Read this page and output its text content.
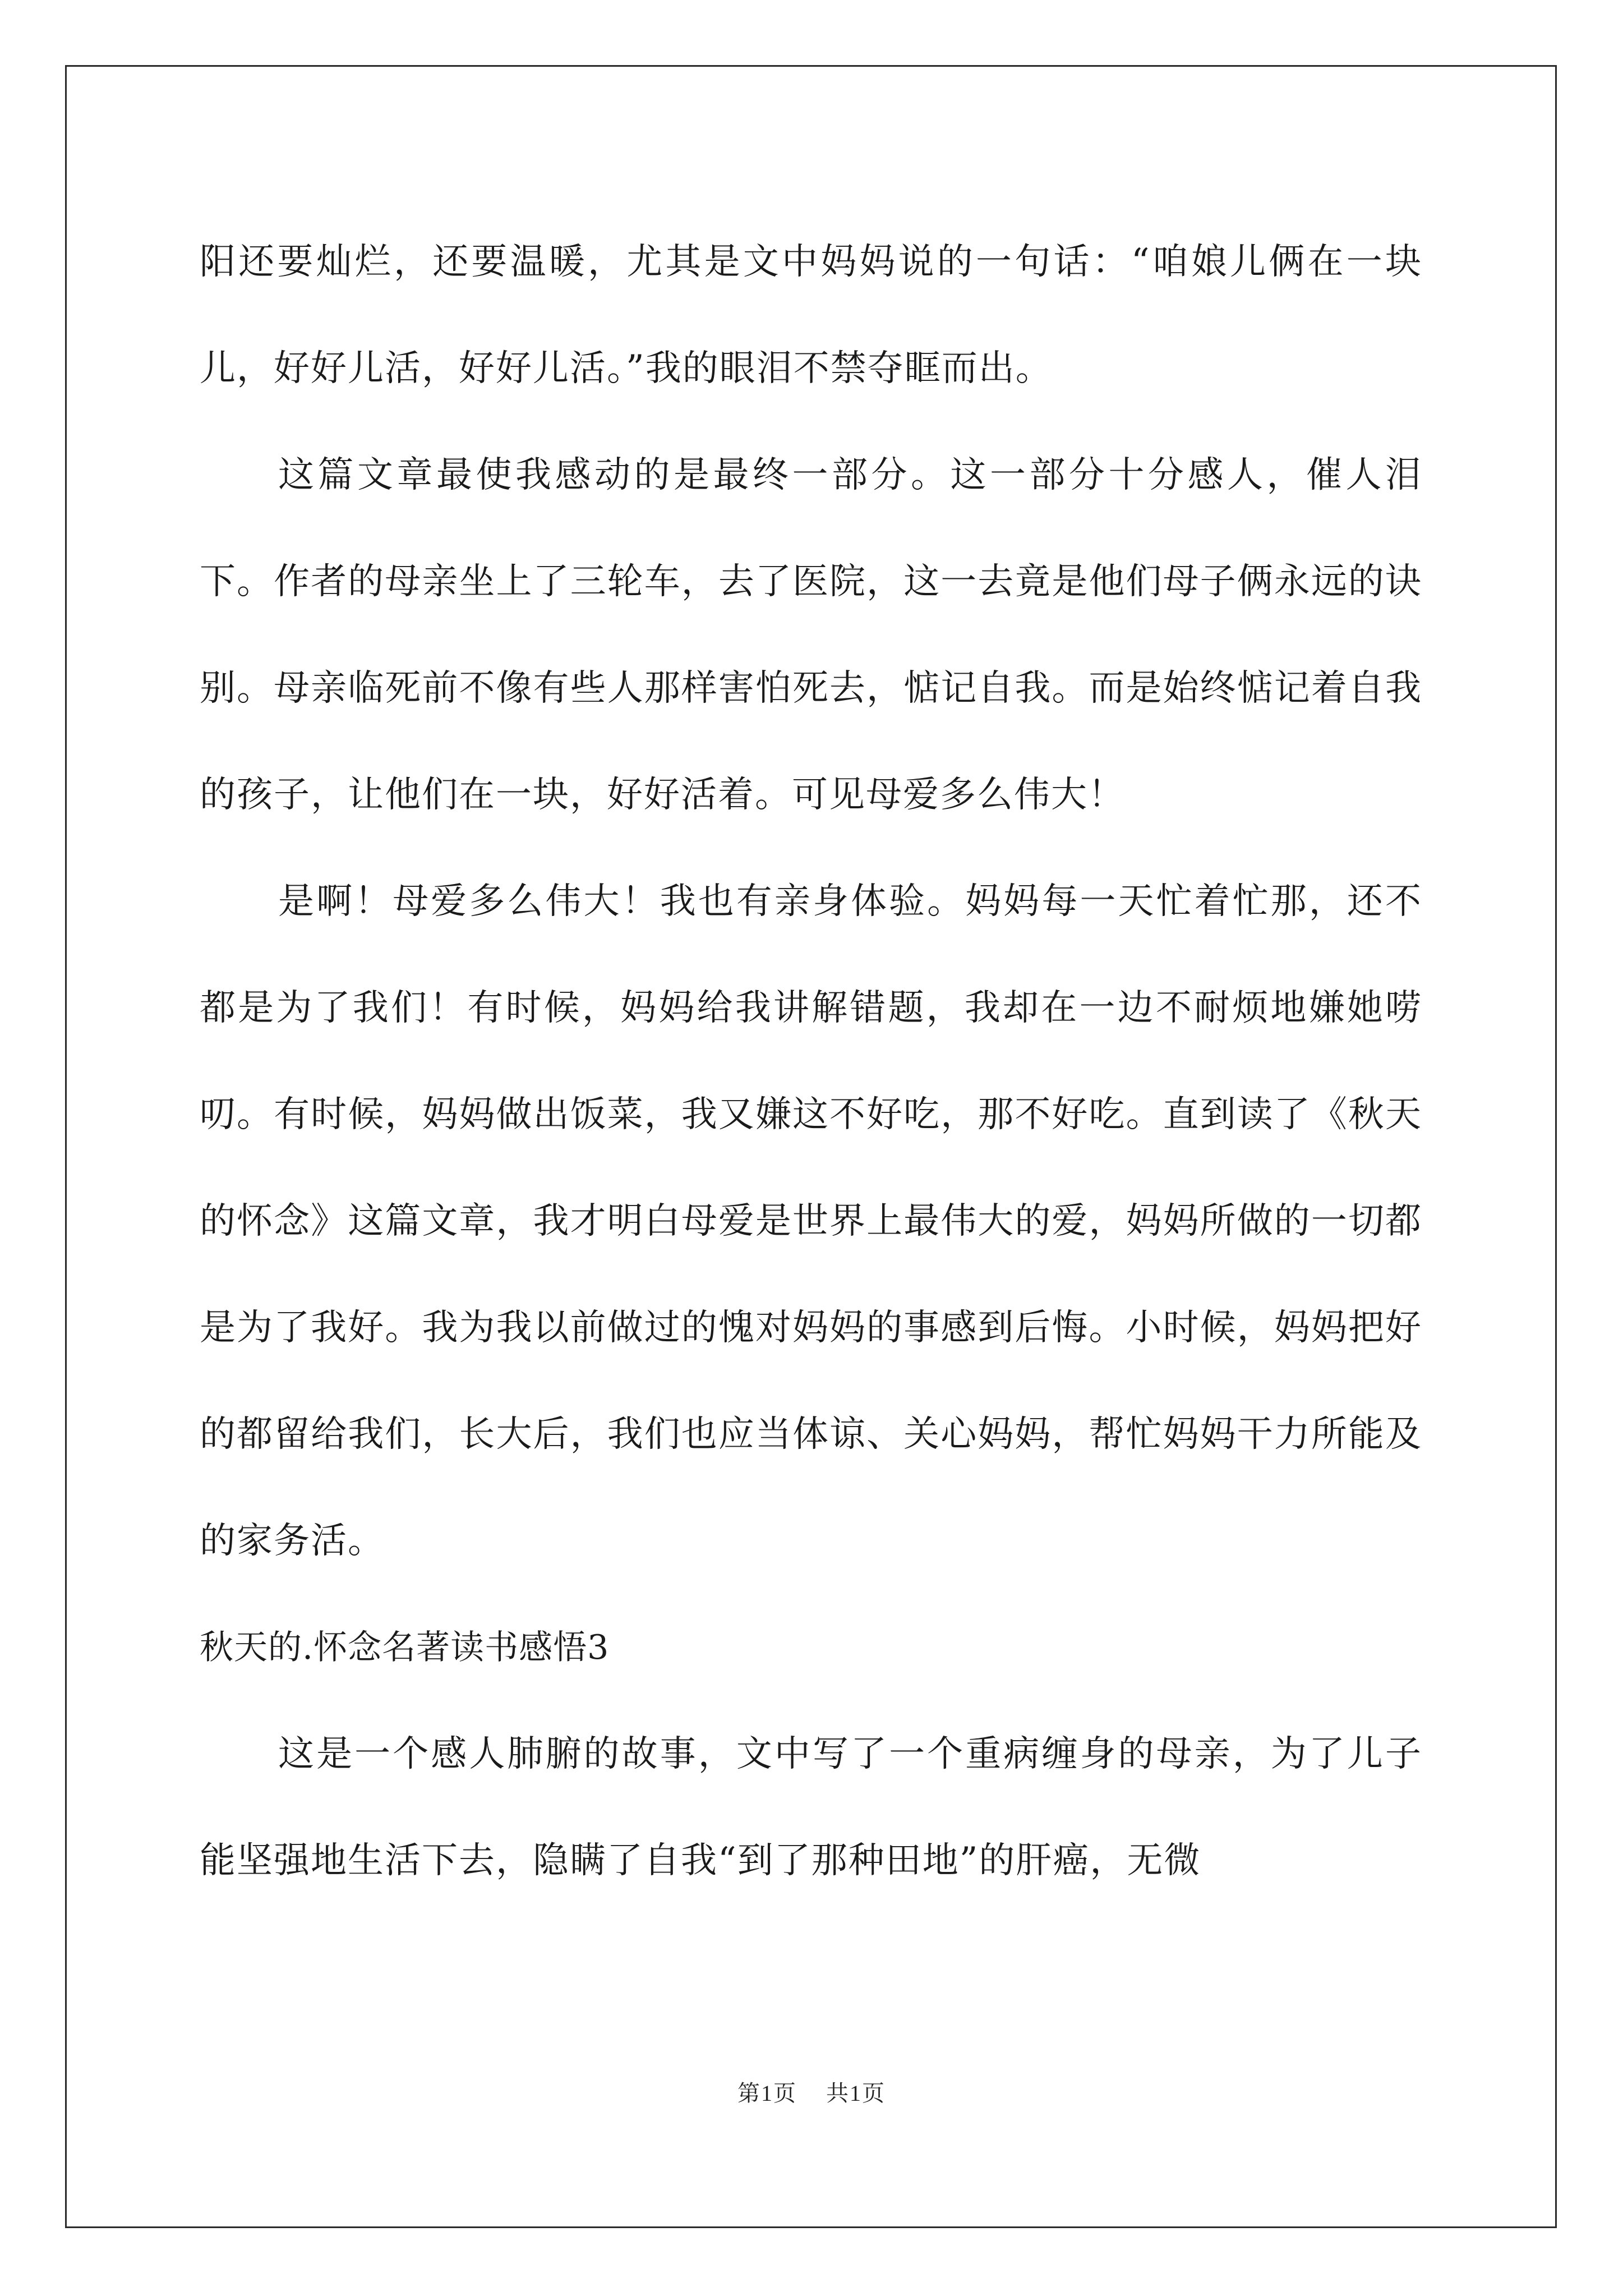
阳还要灿烂，还要温暖，尤其是文中妈妈说的一句话：“咱娘儿俩在一块儿，好好儿活，好好儿活。”我的眼泪不禁夺眶而出。

这篇文章最使我感动的是最终一部分。这一部分十分感人，催人泪下。作者的母亲坐上了三轮车，去了医院，这一去竟是他们母子俩永远的诀别。母亲临死前不像有些人那样害怕死去，惦记自我。而是始终惦记着自我的孩子，让他们在一块，好好活着。可见母爱多么伟大！

是啊！母爱多么伟大！我也有亲身体验。妈妈每一天忙着忙那，还不都是为了我们！有时候，妈妈给我讲解错题，我却在一边不耐烦地嫌她唠叨。有时候，妈妈做出饭菜，我又嫌这不好吃，那不好吃。直到读了《秋天的怀念》这篇文章，我才明白母爱是世界上最伟大的爱，妈妈所做的一切都是为了我好。我为我以前做过的愧对妈妈的事感到后悔。小时候，妈妈把好的都留给我们，长大后，我们也应当体谅、关心妈妈，帮忙妈妈干力所能及的家务活。

秋天的.怀念名著读书感悟3

这是一个感人肺腑的故事，文中写了一个重病缠身的母亲，为了儿子能坚强地生活下去，隐瞒了自我“到了那种田地”的肝癌，无微

第1页 共1页
